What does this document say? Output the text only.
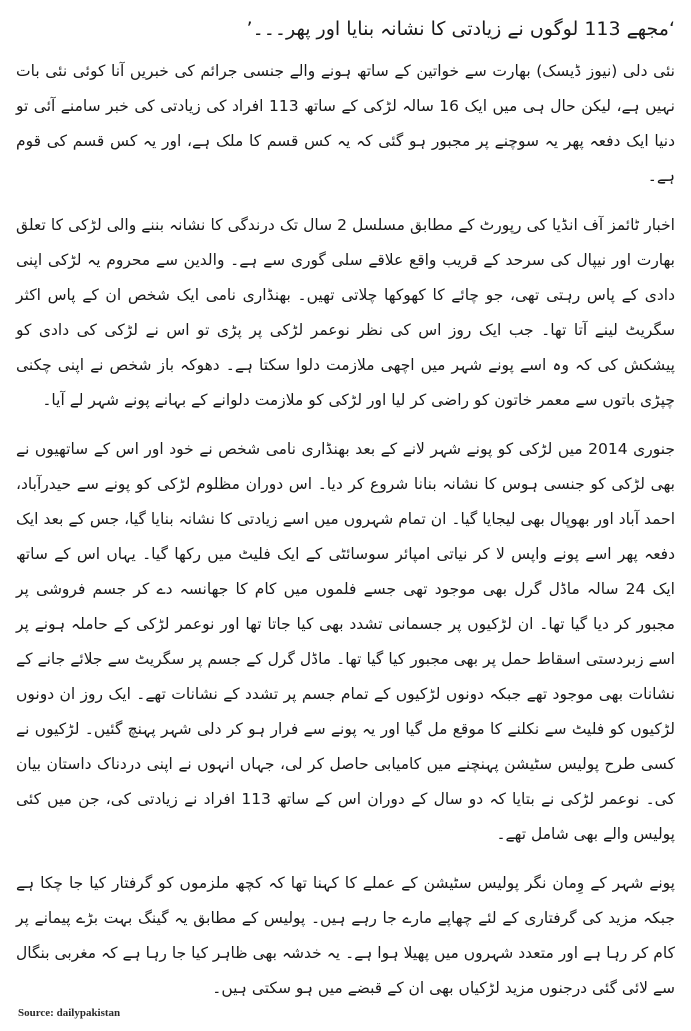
‘مجھے 113 لوگوں نے زیادتی کا نشانہ بنایا اور پھر۔۔۔’

نئی دلی (نیوز ڈیسک) بھارت سے خواتین کے ساتھ ہونے والے جنسی جرائم کی خبریں آنا کوئی نئی بات نہیں ہے، لیکن حال ہی میں ایک 16 سالہ لڑکی کے ساتھ 113 افراد کی زیادتی کی خبر سامنے آئی تو دنیا ایک دفعہ پھر یہ سوچنے پر مجبور ہو گئی کہ یہ کس قسم کا ملک ہے، اور یہ کس قسم کی قوم ہے۔

اخبار ٹائمز آف انڈیا کی رپورٹ کے مطابق مسلسل 2 سال تک درندگی کا نشانہ بننے والی لڑکی کا تعلق بھارت اور نیپال کی سرحد کے قریب واقع علاقے سلی گوری سے ہے۔ والدین سے محروم یہ لڑکی اپنی دادی کے پاس رہتی تھی، جو چائے کا کھوکھا چلاتی تھیں۔ بھنڈاری نامی ایک شخص ان کے پاس اکثر سگریٹ لینے آتا تھا۔ جب ایک روز اس کی نظر نوعمر لڑکی پر پڑی تو اس نے لڑکی کی دادی کو پیشکش کی کہ وہ اسے پونے شہر میں اچھی ملازمت دلوا سکتا ہے۔ دھوکہ باز شخص نے اپنی چکنی چپڑی باتوں سے معمر خاتون کو راضی کر لیا اور لڑکی کو ملازمت دلوانے کے بہانے پونے شہر لے آیا۔

جنوری 2014 میں لڑکی کو پونے شہر لانے کے بعد بھنڈاری نامی شخص نے خود اور اس کے ساتھیوں نے بھی لڑکی کو جنسی ہوس کا نشانہ بنانا شروع کر دیا۔ اس دوران مظلوم لڑکی کو پونے سے حیدرآباد، احمد آباد اور بھوپال بھی لیجایا گیا۔ ان تمام شہروں میں اسے زیادتی کا نشانہ بنایا گیا، جس کے بعد ایک دفعہ پھر اسے پونے واپس لا کر نیاتی امپائر سوسائٹی کے ایک فلیٹ میں رکھا گیا۔ یہاں اس کے ساتھ ایک 24 سالہ ماڈل گرل بھی موجود تھی جسے فلموں میں کام کا جھانسہ دے کر جسم فروشی پر مجبور کر دیا گیا تھا۔ ان لڑکیوں پر جسمانی تشدد بھی کیا جاتا تھا اور نوعمر لڑکی کے حاملہ ہونے پر اسے زبردستی اسقاط حمل پر بھی مجبور کیا گیا تھا۔ ماڈل گرل کے جسم پر سگریٹ سے جلائے جانے کے نشانات بھی موجود تھے جبکہ دونوں لڑکیوں کے تمام جسم پر تشدد کے نشانات تھے۔ ایک روز ان دونوں لڑکیوں کو فلیٹ سے نکلنے کا موقع مل گیا اور یہ پونے سے فرار ہو کر دلی شہر پہنچ گئیں۔ لڑکیوں نے کسی طرح پولیس سٹیشن پہنچنے میں کامیابی حاصل کر لی، جہاں انہوں نے اپنی دردناک داستان بیان کی۔ نوعمر لڑکی نے بتایا کہ دو سال کے دوران اس کے ساتھ 113 افراد نے زیادتی کی، جن میں کئی پولیس والے بھی شامل تھے۔

پونے شہر کے وِمان نگر پولیس سٹیشن کے عملے کا کہنا تھا کہ کچھ ملزموں کو گرفتار کیا جا چکا ہے جبکہ مزید کی گرفتاری کے لئے چھاپے مارے جا رہے ہیں۔ پولیس کے مطابق یہ گینگ بہت بڑے پیمانے پر کام کر رہا ہے اور متعدد شہروں میں پھیلا ہوا ہے۔ یہ خدشہ بھی ظاہر کیا جا رہا ہے کہ مغربی بنگال سے لائی گئی درجنوں مزید لڑکیاں بھی ان کے قبضے میں ہو سکتی ہیں۔

Source: dailypakistan
